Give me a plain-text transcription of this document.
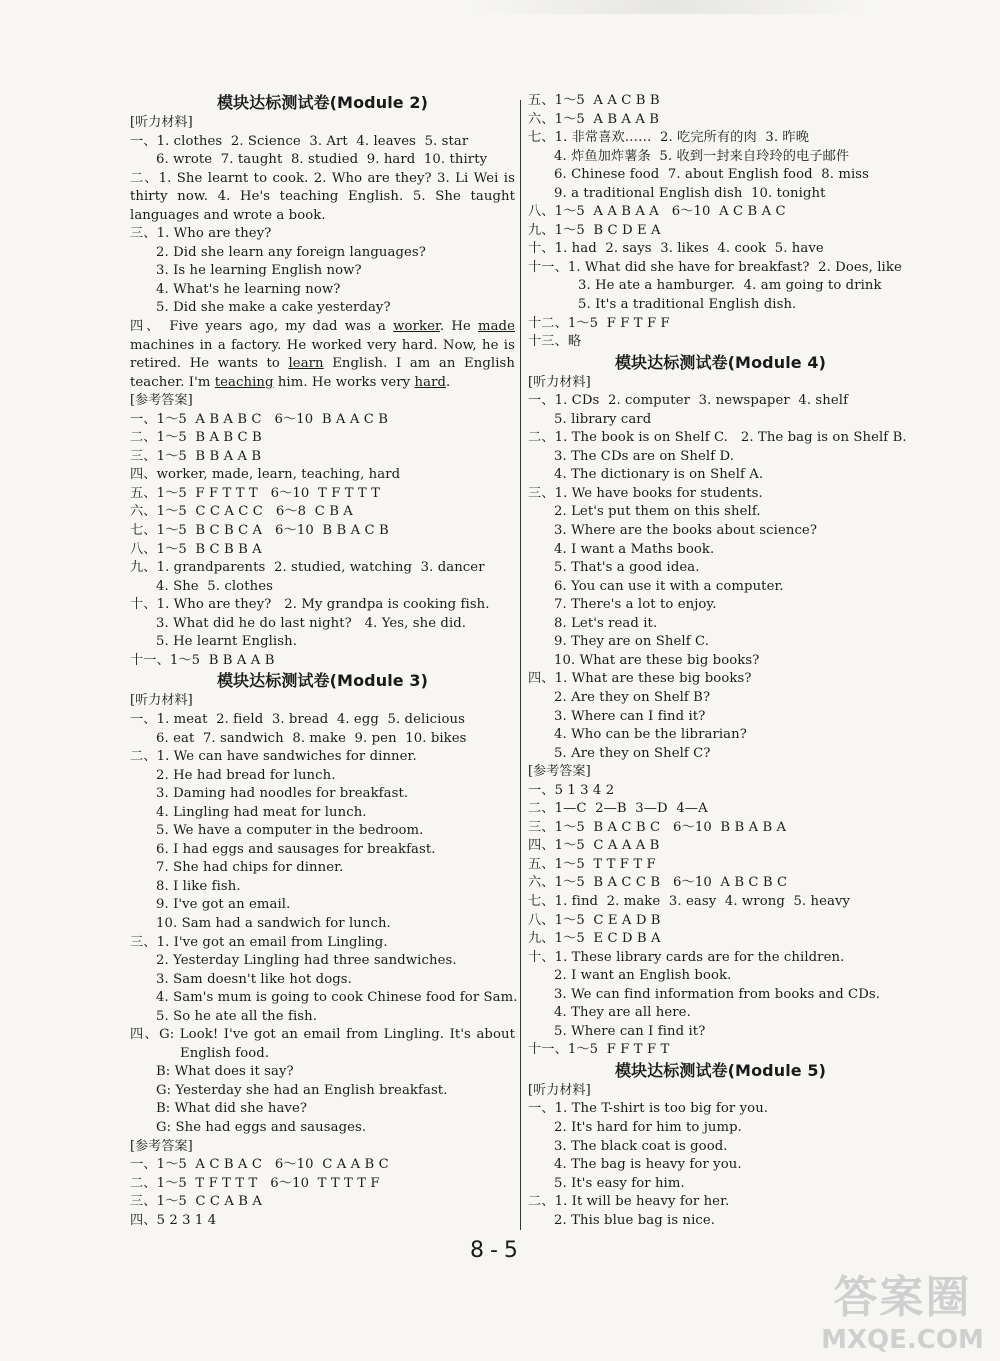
模块达标测试卷(Module 2)
[听力材料]
一、1. clothes  2. Science  3. Art  4. leaves  5. star
6. wrote  7. taught  8. studied  9. hard  10. thirty
二、1. She learnt to cook. 2. Who are they? 3. Li Wei is
thirty now. 4. He's teaching English. 5. She taught
languages and wrote a book.
三、1. Who are they?
2. Did she learn any foreign languages?
3. Is he learning English now?
4. What's he learning now?
5. Did she make a cake yesterday?
四、 Five years ago, my dad was a worker. He made
machines in a factory. He worked very hard. Now, he is
retired. He wants to learn English. I am an English
teacher. I'm teaching him. He works very hard.
[参考答案]
一、1～5  A B A B C   6～10  B A A C B
二、1～5  B A B C B
三、1～5  B B A A B
四、worker, made, learn, teaching, hard
五、1～5  F F T T T   6～10  T F T T T
六、1～5  C C A C C   6～8  C B A
七、1～5  B C B C A   6～10  B B A C B
八、1～5  B C B B A
九、1. grandparents  2. studied, watching  3. dancer
4. She  5. clothes
十、1. Who are they?   2. My grandpa is cooking fish.
3. What did he do last night?   4. Yes, she did.
5. He learnt English.
十一、1～5  B B A A B
模块达标测试卷(Module 3)
[听力材料]
一、1. meat  2. field  3. bread  4. egg  5. delicious
6. eat  7. sandwich  8. make  9. pen  10. bikes
二、1. We can have sandwiches for dinner.
2. He had bread for lunch.
3. Daming had noodles for breakfast.
4. Lingling had meat for lunch.
5. We have a computer in the bedroom.
6. I had eggs and sausages for breakfast.
7. She had chips for dinner.
8. I like fish.
9. I've got an email.
10. Sam had a sandwich for lunch.
三、1. I've got an email from Lingling.
2. Yesterday Lingling had three sandwiches.
3. Sam doesn't like hot dogs.
4. Sam's mum is going to cook Chinese food for Sam.
5. So he ate all the fish.
四、G: Look! I've got an email from Lingling. It's about
English food.
B: What does it say?
G: Yesterday she had an English breakfast.
B: What did she have?
G: She had eggs and sausages.
[参考答案]
一、1～5  A C B A C   6～10  C A A B C
二、1～5  T F T T T   6～10  T T T T F
三、1～5  C C A B A
四、5 2 3 1 4
五、1～5  A A C B B
六、1～5  A B A A B
七、1. 非常喜欢……  2. 吃完所有的肉  3. 昨晚
4. 炸鱼加炸薯条  5. 收到一封来自玲玲的电子邮件
6. Chinese food  7. about English food  8. miss
9. a traditional English dish  10. tonight
八、1～5  A A B A A   6～10  A C B A C
九、1～5  B C D E A
十、1. had  2. says  3. likes  4. cook  5. have
十一、1. What did she have for breakfast?  2. Does, like
3. He ate a hamburger.  4. am going to drink
5. It's a traditional English dish.
十二、1～5  F F T F F
十三、略
模块达标测试卷(Module 4)
[听力材料]
一、1. CDs  2. computer  3. newspaper  4. shelf
5. library card
二、1. The book is on Shelf C.   2. The bag is on Shelf B.
3. The CDs are on Shelf D.
4. The dictionary is on Shelf A.
三、1. We have books for students.
2. Let's put them on this shelf.
3. Where are the books about science?
4. I want a Maths book.
5. That's a good idea.
6. You can use it with a computer.
7. There's a lot to enjoy.
8. Let's read it.
9. They are on Shelf C.
10. What are these big books?
四、1. What are these big books?
2. Are they on Shelf B?
3. Where can I find it?
4. Who can be the librarian?
5. Are they on Shelf C?
[参考答案]
一、5 1 3 4 2
二、1—C  2—B  3—D  4—A
三、1～5  B A C B C   6～10  B B A B A
四、1～5  C A A A B
五、1～5  T T F T F
六、1～5  B A C C B   6～10  A B C B C
七、1. find  2. make  3. easy  4. wrong  5. heavy
八、1～5  C E A D B
九、1～5  E C D B A
十、1. These library cards are for the children.
2. I want an English book.
3. We can find information from books and CDs.
4. They are all here.
5. Where can I find it?
十一、1～5  F F T F T
模块达标测试卷(Module 5)
[听力材料]
一、1. The T-shirt is too big for you.
2. It's hard for him to jump.
3. The black coat is good.
4. The bag is heavy for you.
5. It's easy for him.
二、1. It will be heavy for her.
2. This blue bag is nice.
8-5
答案圈
MXQE.COM
